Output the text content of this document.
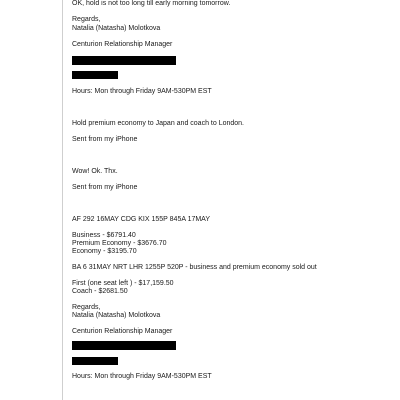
OK, hold is not too long till early morning tomorrow.
Regards,
Natalia (Natasha) Molotkova
Centurion Relationship Manager
Hours: Mon through Friday 9AM-530PM EST
Hold premium economy to Japan and coach to London.
Sent from my iPhone
Wow! Ok. Thx.
Sent from my iPhone
AF 292 16MAY CDG KIX 155P 845A 17MAY
Business - $6791.40
Premium Economy - $3676.70
Economy - $3195.70
BA 6 31MAY NRT LHR 1255P 520P - business and premium economy sold out
First (one seat left ) - $17,159.50
Coach - $2681.50
Regards,
Natalia (Natasha) Molotkova
Centurion Relationship Manager
Hours: Mon through Friday 9AM-530PM EST
